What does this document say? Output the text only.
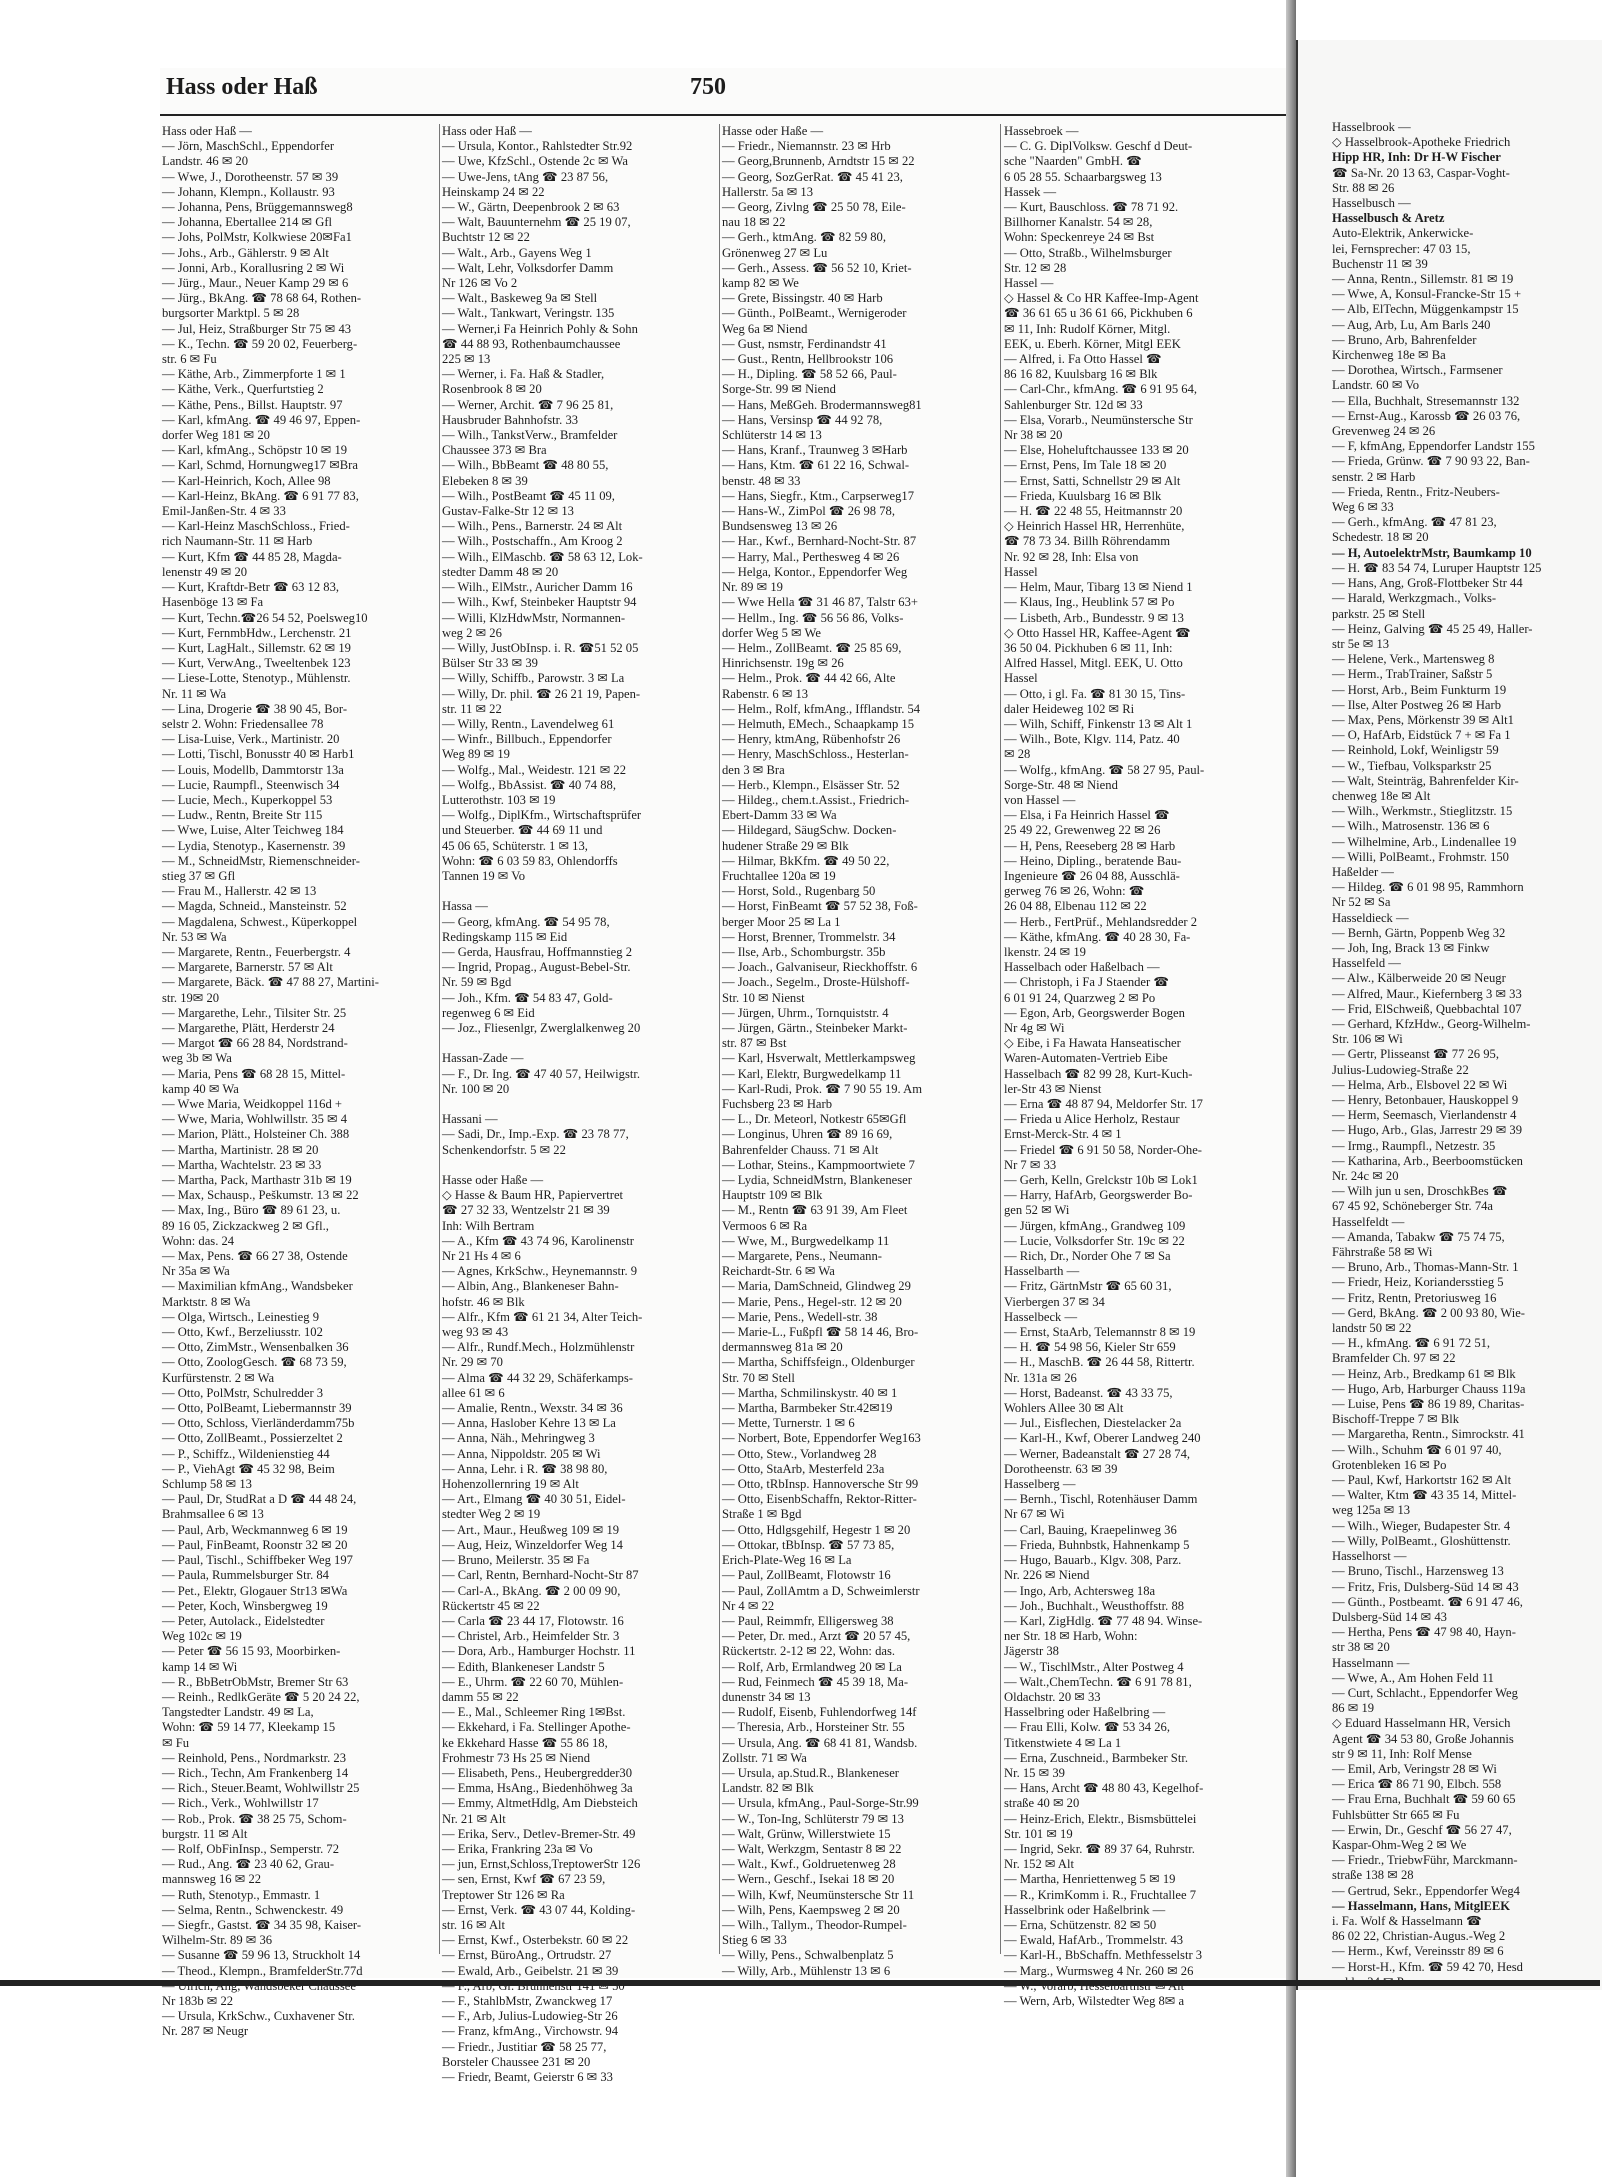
Hass oder Haß	750
Hass oder Haß —
— Jörn, MaschSchl., Eppendorfer
Landstr. 46 ✉ 20
— Wwe, J., Dorotheenstr. 57 ✉ 39
— Johann, Klempn., Kollaustr. 93
— Johanna, Pens, Brüggemannsweg8
— Johanna, Ebertallee 214 ✉ Gfl
— Johs, PolMstr, Kolkwiese 20✉Fa1
— Johs., Arb., Gählerstr. 9 ✉ Alt
— Jonni, Arb., Korallusring 2 ✉ Wi
— Jürg., Maur., Neuer Kamp 29 ✉ 6
— Jürg., BkAng. ☎ 78 68 64, Rothen-
burgsorter Marktpl. 5 ✉ 28
— Jul, Heiz, Straßburger Str 75 ✉ 43
— K., Techn. ☎ 59 20 02, Feuerberg-
str. 6 ✉ Fu
— Käthe, Arb., Zimmerpforte 1 ✉ 1
— Käthe, Verk., Querfurtstieg 2
— Käthe, Pens., Billst. Hauptstr. 97
— Karl, kfmAng. ☎ 49 46 97, Eppen-
dorfer Weg 181 ✉ 20
— Karl, kfmAng., Schöpstr 10 ✉ 19
— Karl, Schmd, Hornungweg17 ✉Bra
— Karl-Heinrich, Koch, Allee 98
— Karl-Heinz, BkAng. ☎ 6 91 77 83,
Emil-Janßen-Str. 4 ✉ 33
— Karl-Heinz MaschSchloss., Fried-
rich Naumann-Str. 11 ✉ Harb
— Kurt, Kfm ☎ 44 85 28, Magda-
lenenstr 49 ✉ 20
— Kurt, Kraftdr-Betr ☎ 63 12 83,
Hasenböge 13 ✉ Fa
— Kurt, Techn.☎26 54 52, Poelsweg10
— Kurt, FernmbHdw., Lerchenstr. 21
— Kurt, LagHalt., Sillemstr. 62 ✉ 19
— Kurt, VerwAng., Tweeltenbek 123
— Liese-Lotte, Stenotyp., Mühlenstr.
Nr. 11 ✉ Wa
— Lina, Drogerie ☎ 38 90 45, Bor-
selstr 2. Wohn: Friedensallee 78
— Lisa-Luise, Verk., Martinistr. 20
— Lotti, Tischl, Bonusstr 40 ✉ Harb1
— Louis, Modellb, Dammtorstr 13a
— Lucie, Raumpfl., Steenwisch 34
— Lucie, Mech., Kuperkoppel 53
— Ludw., Rentn, Breite Str 115
— Wwe, Luise, Alter Teichweg 184
— Lydia, Stenotyp., Kasernenstr. 39
— M., SchneidMstr, Riemenschneider-
stieg 37 ✉ Gfl
— Frau M., Hallerstr. 42 ✉ 13
— Magda, Schneid., Mansteinstr. 52
— Magdalena, Schwest., Küperkoppel
Nr. 53 ✉ Wa
— Margarete, Rentn., Feuerbergstr. 4
— Margarete, Barnerstr. 57 ✉ Alt
— Margarete, Bäck. ☎ 47 88 27, Martini-
str. 19✉ 20
— Margarethe, Lehr., Tilsiter Str. 25
— Margarethe, Plätt, Herderstr 24
— Margot ☎ 66 28 84, Nordstrand-
weg 3b ✉ Wa
— Maria, Pens ☎ 68 28 15, Mittel-
kamp 40 ✉ Wa
— Wwe Maria, Weidkoppel 116d +
— Wwe, Maria, Wohlwillstr. 35 ✉ 4
— Marion, Plätt., Holsteiner Ch. 388
— Martha, Martinistr. 28 ✉ 20
— Martha, Wachtelstr. 23 ✉ 33
— Martha, Pack, Marthastr 31b ✉ 19
— Max, Schausp., Peškumstr. 13 ✉ 22
— Max, Ing., Büro ☎ 89 61 23, u.
89 16 05, Zickzackweg 2 ✉ Gfl.,
Wohn: das. 24
— Max, Pens. ☎ 66 27 38, Ostende
Nr 35a ✉ Wa
— Maximilian kfmAng., Wandsbeker
Marktstr. 8 ✉ Wa
— Olga, Wirtsch., Leinestieg 9
— Otto, Kwf., Berzeliusstr. 102
— Otto, ZimMstr., Wensenbalken 36
— Otto, ZoologGesch. ☎ 68 73 59,
Kurfürstenstr. 2 ✉ Wa
— Otto, PolMstr, Schulredder 3
— Otto, PolBeamt, Liebermannstr 39
— Otto, Schloss, Vierländerdamm75b
— Otto, ZollBeamt., Possierzeltet 2
— P., Schiffz., Wildenienstieg 44
— P., ViehAgt ☎ 45 32 98, Beim
Schlump 58 ✉ 13
— Paul, Dr, StudRat a D ☎ 44 48 24,
Brahmsallee 6 ✉ 13
— Paul, Arb, Weckmannweg 6 ✉ 19
— Paul, FinBeamt, Roonstr 32 ✉ 20
— Paul, Tischl., Schiffbeker Weg 197
— Paula, Rummelsburger Str. 84
— Pet., Elektr, Glogauer Str13 ✉Wa
— Peter, Koch, Winsbergweg 19
— Peter, Autolack., Eidelstedter
Weg 102c ✉ 19
— Peter ☎ 56 15 93, Moorbirken-
kamp 14 ✉ Wi
— R., BbBetrObMstr, Bremer Str 63
— Reinh., RedlkGeräte ☎ 5 20 24 22,
Tangstedter Landstr. 49 ✉ La,
Wohn: ☎ 59 14 77, Kleekamp 15
✉ Fu
— Reinhold, Pens., Nordmarkstr. 23
— Rich., Techn, Am Frankenberg 14
— Rich., Steuer.Beamt, Wohlwillstr 25
— Rich., Verk., Wohlwillstr 17
— Rob., Prok. ☎ 38 25 75, Schom-
burgstr. 11 ✉ Alt
— Rolf, ObFinInsp., Semperstr. 72
— Rud., Ang. ☎ 23 40 62, Grau-
mannsweg 16 ✉ 22
— Ruth, Stenotyp., Emmastr. 1
— Selma, Rentn., Schwenckestr. 49
— Siegfr., Gastst. ☎ 34 35 98, Kaiser-
Wilhelm-Str. 89 ✉ 36
— Susanne ☎ 59 96 13, Struckholt 14
— Theod., Klempn., BramfelderStr.77d
Nr 183b ✉ 22
— Ursula, KrkSchw., Cuxhavener Str.
Nr. 287 ✉ Neugr
Hass oder Haß —
— Ursula, Kontor., Rahlstedter Str.92
— Uwe, KfzSchl., Ostende 2c ✉ Wa
— Uwe-Jens, tAng ☎ 23 87 56,
Heinskamp 24 ✉ 22
— W., Gärtn, Deepenbrook 2 ✉ 63
— Walt, Bauunternehm ☎ 25 19 07,
Buchtstr 12 ✉ 22
— Walt., Arb., Gayens Weg 1
— Walt, Lehr, Volksdorfer Damm
Nr 126 ✉ Vo 2
— Walt., Baskeweg 9a ✉ Stell
— Walt., Tankwart, Veringstr. 135
— Werner,i Fa Heinrich Pohly & Sohn
☎ 44 88 93, Rothenbaumchaussee
225 ✉ 13
— Werner, i. Fa. Haß & Stadler,
Rosenbrook 8 ✉ 20
— Werner, Archit. ☎ 7 96 25 81,
Hausbruder Bahnhofstr. 33
— Wilh., TankstVerw., Bramfelder
Chaussee 373 ✉ Bra
— Wilh., BbBeamt ☎ 48 80 55,
Elebeken 8 ✉ 39
— Wilh., PostBeamt ☎ 45 11 09,
Gustav-Falke-Str 12 ✉ 13
— Wilh., Pens., Barnerstr. 24 ✉ Alt
— Wilh., Postschaffn., Am Kroog 2
— Wilh., ElMaschb. ☎ 58 63 12, Lok-
stedter Damm 48 ✉ 20
— Wilh., ElMstr., Auricher Damm 16
— Wilh., Kwf, Steinbeker Hauptstr 94
— Willi, KlzHdwMstr, Normannen-
weg 2 ✉ 26
— Willy, JustObInsp. i. R. ☎51 52 05
Bülser Str 33 ✉ 39
— Willy, Schiffb., Parowstr. 3 ✉ La
— Willy, Dr. phil. ☎ 26 21 19, Papen-
str. 11 ✉ 22
— Willy, Rentn., Lavendelweg 61
— Winfr., Billbuch., Eppendorfer
Weg 89 ✉ 19
— Wolfg., Mal., Weidestr. 121 ✉ 22
— Wolfg., BbAssist. ☎ 40 74 88,
Lutterothstr. 103 ✉ 19
— Wolfg., DiplKfm., Wirtschaftsprüfer
und Steuerber. ☎ 44 69 11 und
45 06 65, Schüterstr. 1 ✉ 13,
Wohn: ☎ 6 03 59 83, Ohlendorffs
Tannen 19 ✉ Vo

Hassa —
— Georg, kfmAng. ☎ 54 95 78,
Redingskamp 115 ✉ Eid
— Gerda, Hausfrau, Hoffmannstieg 2
— Ingrid, Propag., August-Bebel-Str.
Nr. 59 ✉ Bgd
— Joh., Kfm. ☎ 54 83 47, Gold-
regenweg 6 ✉ Eid
— Joz., Fliesenlgr, Zwerglalkenweg 20

Hassan-Zade —
— F., Dr. Ing. ☎ 47 40 57, Heilwigstr.
Nr. 100 ✉ 20

Hassani —
— Sadi, Dr., Imp.-Exp. ☎ 23 78 77,
Schenkendorfstr. 5 ✉ 22

Hasse oder Haße —
◇ Hasse & Baum HR, Papiervertret
☎ 27 32 33, Wentzelstr 21 ✉ 39
Inh: Wilh Bertram
— A., Kfm ☎ 43 74 96, Karolinenstr
Nr 21 Hs 4 ✉ 6
— Agnes, KrkSchw., Heynemannstr. 9
— Albin, Ang., Blankeneser Bahn-
hofstr. 46 ✉ Blk
— Alfr., Kfm ☎ 61 21 34, Alter Teich-
weg 93 ✉ 43
— Alfr., Rundf.Mech., Holzmühlenstr
Nr. 29 ✉ 70
— Alma ☎ 44 32 29, Schäferkamps-
allee 61 ✉ 6
— Amalie, Rentn., Wexstr. 34 ✉ 36
— Anna, Haslober Kehre 13 ✉ La
— Anna, Näh., Mehringweg 3
— Anna, Nippoldstr. 205 ✉ Wi
— Anna, Lehr. i R. ☎ 38 98 80,
Hohenzollernring 19 ✉ Alt
— Art., Elmang ☎ 40 30 51, Eidel-
stedter Weg 2 ✉ 19
— Art., Maur., Heußweg 109 ✉ 19
— Aug, Heiz, Winzeldorfer Weg 14
— Bruno, Meilerstr. 35 ✉ Fa
— Carl, Rentn, Bernhard-Nocht-Str 87
— Carl-A., BkAng. ☎ 2 00 09 90,
Rückertstr 45 ✉ 22
— Carla ☎ 23 44 17, Flotowstr. 16
— Christel, Arb., Heimfelder Str. 3
— Dora, Arb., Hamburger Hochstr. 11
— Edith, Blankeneser Landstr 5
— E., Uhrm. ☎ 22 60 70, Mühlen-
damm 55 ✉ 22
— E., Mal., Schleemer Ring 1✉Bst.
— Ekkehard, i Fa. Stellinger Apothe-
ke Ekkehard Hasse ☎ 55 86 18,
Frohmestr 73 Hs 25 ✉ Niend
— Elisabeth, Pens., Heubergredder30
— Emma, HsAng., Biedenhöhweg 3a
— Emmy, AltmetHdlg, Am Diebsteich
Nr. 21 ✉ Alt
— Erika, Serv., Detlev-Bremer-Str. 49
— Erika, Frankring 23a ✉ Vo
— jun, Ernst,Schloss,TreptowerStr 126
— sen, Ernst, Kwf ☎ 67 23 59,
Treptower Str 126 ✉ Ra
— Ernst, Verk. ☎ 43 07 44, Kolding-
str. 16 ✉ Alt
— Ernst, Kwf., Osterbekstr. 60 ✉ 22
— Ernst, BüroAng., Ortrudstr. 27
— Ewald, Arb., Geibelstr. 21 ✉ 39
— F., StahlbMstr, Zwanckweg 17
— F., Arb, Julius-Ludowieg-Str 26
— Franz, kfmAng., Virchowstr. 94
— Friedr., Justitiar ☎ 58 25 77,
Borsteler Chaussee 231 ✉ 20
— Friedr, Beamt, Geierstr 6 ✉ 33
Hasse oder Haße —
— Friedr., Niemannstr. 23 ✉ Hrb
— Georg,Brunnenb, Arndtstr 15 ✉ 22
— Georg, SozGerRat. ☎ 45 41 23,
Hallerstr. 5a ✉ 13
— Georg, Zivlng ☎ 25 50 78, Eile-
nau 18 ✉ 22
— Gerh., ktmAng. ☎ 82 59 80,
Grönenweg 27 ✉ Lu
— Gerh., Assess. ☎ 56 52 10, Kriet-
kamp 82 ✉ We
— Grete, Bissingstr. 40 ✉ Harb
— Günth., PolBeamt., Wernigeroder
Weg 6a ✉ Niend
— Gust, nsmstr, Ferdinandstr 41
— Gust., Rentn, Hellbrookstr 106
— H., Dipling. ☎ 58 52 66, Paul-
Sorge-Str. 99 ✉ Niend
— Hans, MeßGeh. Brodermannsweg81
— Hans, Versinsp ☎ 44 92 78,
Schlüterstr 14 ✉ 13
— Hans, Kranf., Traunweg 3 ✉Harb
— Hans, Ktm. ☎ 61 22 16, Schwal-
benstr. 48 ✉ 33
— Hans, Siegfr., Ktm., Carpserweg17
— Hans-W., ZimPol ☎ 26 98 78,
Bundsensweg 13 ✉ 26
— Har., Kwf., Bernhard-Nocht-Str. 87
— Harry, Mal., Perthesweg 4 ✉ 26
— Helga, Kontor., Eppendorfer Weg
Nr. 89 ✉ 19
— Wwe Hella ☎ 31 46 87, Talstr 63+
— Hellm., Ing. ☎ 56 56 86, Volks-
dorfer Weg 5 ✉ We
— Helm., ZollBeamt. ☎ 25 85 69,
Hinrichsenstr. 19g ✉ 26
— Helm., Prok. ☎ 44 42 66, Alte
Rabenstr. 6 ✉ 13
— Helm., Rolf, kfmAng., Ifflandstr. 54
— Helmuth, EMech., Schaapkamp 15
— Henry, ktmAng, Rübenhofstr 26
— Henry, MaschSchloss., Hesterlan-
den 3 ✉ Bra
— Herb., Klempn., Elsässer Str. 52
— Hildeg., chem.t.Assist., Friedrich-
Ebert-Damm 33 ✉ Wa
— Hildegard, SäugSchw. Docken-
hudener Straße 29 ✉ Blk
— Hilmar, BkKfm. ☎ 49 50 22,
Fruchtallee 120a ✉ 19
— Horst, Sold., Rugenbarg 50
— Horst, FinBeamt ☎ 57 52 38, Foß-
berger Moor 25 ✉ La 1
— Horst, Brenner, Trommelstr. 34
— Ilse, Arb., Schomburgstr. 35b
— Joach., Galvaniseur, Rieckhoffstr. 6
— Joach., Segelm., Droste-Hülshoff-
Str. 10 ✉ Nienst
— Jürgen, Uhrm., Tornquiststr. 4
— Jürgen, Gärtn., Steinbeker Markt-
str. 87 ✉ Bst
— Karl, Hsverwalt, Mettlerkampsweg
— Karl, Elektr, Burgwedelkamp 11
— Karl-Rudi, Prok. ☎ 7 90 55 19. Am
Fuchsberg 23 ✉ Harb
— L., Dr. Meteorl, Notkestr 65✉Gfl
— Longinus, Uhren ☎ 89 16 69,
Bahrenfelder Chauss. 71 ✉ Alt
— Lothar, Steins., Kampmoortwiete 7
— Lydia, SchneidMstrn, Blankeneser
Hauptstr 109 ✉ Blk
— M., Rentn ☎ 63 91 39, Am Fleet
Vermoos 6 ✉ Ra
— Wwe, M., Burgwedelkamp 11
— Margarete, Pens., Neumann-
Reichardt-Str. 6 ✉ Wa
— Maria, DamSchneid, Glindweg 29
— Marie, Pens., Hegel-str. 12 ✉ 20
— Marie, Pens., Wedell-str. 38
— Marie-L., Fußpfl ☎ 58 14 46, Bro-
dermannsweg 81a ✉ 20
— Martha, Schiffsfeign., Oldenburger
Str. 70 ✉ Stell
— Martha, Schmilinskystr. 40 ✉ 1
— Martha, Barmbeker Str.42✉19
— Mette, Turnerstr. 1 ✉ 6
— Norbert, Bote, Eppendorfer Weg163
— Otto, Stew., Vorlandweg 28
— Otto, StaArb, Mesterfeld 23a
— Otto, tRbInsp. Hannoversche Str 99
— Otto, EisenbSchaffn, Rektor-Ritter-
Straße 1 ✉ Bgd
— Otto, Hdlgsgehilf, Hegestr 1 ✉ 20
— Ottokar, tBbInsp. ☎ 57 73 85,
Erich-Plate-Weg 16 ✉ La
— Paul, ZollBeamt, Flotowstr 16
— Paul, ZollAmtm a D, Schweimlerstr
Nr 4 ✉ 22
— Paul, Reimmfr, Elligersweg 38
— Peter, Dr. med., Arzt ☎ 20 57 45,
Rückertstr. 2-12 ✉ 22, Wohn: das.
— Rolf, Arb, Ermlandweg 20 ✉ La
— Rud, Feinmech ☎ 45 39 18, Ma-
dunenstr 34 ✉ 13
— Rudolf, Eisenb, Fuhlendorfweg 14f
— Theresia, Arb., Horsteiner Str. 55
— Ursula, Ang. ☎ 68 41 81, Wandsb.
Zollstr. 71 ✉ Wa
— Ursula, ap.Stud.R., Blankeneser
Landstr. 82 ✉ Blk
— Ursula, kfmAng., Paul-Sorge-Str.99
— W., Ton-Ing, Schlüterstr 79 ✉ 13
— Walt, Grünw, Willerstwiete 15
— Walt, Werkzgm, Sentastr 8 ✉ 22
— Walt., Kwf., Goldruetenweg 28
— Wern., Geschf., Isekai 18 ✉ 20
— Wilh, Kwf, Neumünstersche Str 11
— Wilh, Pens, Kaempsweg 2 ✉ 20
— Wilh., Tallym., Theodor-Rumpel-
Stieg 6 ✉ 33
— Willy, Pens., Schwalbenplatz 5
— Willy, Arb., Mühlenstr 13 ✉ 6
Hassebroek —
— C. G. DiplVolksw. Geschf d Deut-
sche "Naarden" GmbH. ☎
6 05 28 55. Schaarbargsweg 13
Hassek —
— Kurt, Bauschloss. ☎ 78 71 92.
Billhorner Kanalstr. 54 ✉ 28,
Wohn: Speckenreye 24 ✉ Bst
— Otto, Straßb., Wilhelmsburger
Str. 12 ✉ 28
Hassel —
◇ Hassel & Co HR Kaffee-Imp-Agent
☎ 36 61 65 u 36 61 66, Pickhuben 6
✉ 11, Inh: Rudolf Körner, Mitgl.
EEK, u. Eberh. Körner, Mitgl EEK
— Alfred, i. Fa Otto Hassel ☎
86 16 82, Kuulsbarg 16 ✉ Blk
— Carl-Chr., kfmAng. ☎ 6 91 95 64,
Sahlenburger Str. 12d ✉ 33
— Elsa, Vorarb., Neumünstersche Str
Nr 38 ✉ 20
— Else, Hoheluftchaussee 133 ✉ 20
— Ernst, Pens, Im Tale 18 ✉ 20
— Ernst, Satti, Schnellstr 29 ✉ Alt
— Frieda, Kuulsbarg 16 ✉ Blk
— H. ☎ 22 48 55, Heitmannstr 20
◇ Heinrich Hassel HR, Herrenhüte,
☎ 78 73 34. Billh Röhrendamm
Nr. 92 ✉ 28, Inh: Elsa von
Hassel
— Helm, Maur, Tibarg 13 ✉ Niend 1
— Klaus, Ing., Heublink 57 ✉ Po
— Lisbeth, Arb., Bundesstr. 9 ✉ 13
◇ Otto Hassel HR, Kaffee-Agent ☎
36 50 04. Pickhuben 6 ✉ 11, Inh:
Alfred Hassel, Mitgl. EEK, U. Otto
Hassel
— Otto, i gl. Fa. ☎ 81 30 15, Tins-
daler Heideweg 102 ✉ Ri
— Wilh, Schiff, Finkenstr 13 ✉ Alt 1
— Wilh., Bote, Klgv. 114, Patz. 40
✉ 28
— Wolfg., kfmAng. ☎ 58 27 95, Paul-
Sorge-Str. 48 ✉ Niend
von Hassel —
— Elsa, i Fa Heinrich Hassel ☎
25 49 22, Grewenweg 22 ✉ 26
— H, Pens, Reeseberg 28 ✉ Harb
— Heino, Dipling., beratende Bau-
Ingenieure ☎ 26 04 88, Ausschlä-
gerweg 76 ✉ 26, Wohn: ☎
26 04 88, Elbenau 112 ✉ 22
— Herb., FertPrüf., Mehlandsredder 2
— Käthe, kfmAng. ☎ 40 28 30, Fa-
lkenstr. 24 ✉ 19
Hasselbach oder Haßelbach —
— Christoph, i Fa J Staender ☎
6 01 91 24, Quarzweg 2 ✉ Po
— Egon, Arb, Georgswerder Bogen
Nr 4g ✉ Wi
◇ Eibe, i Fa Hawata Hanseatischer
Waren-Automaten-Vertrieb Eibe
Hasselbach ☎ 82 99 28, Kurt-Kuch-
ler-Str 43 ✉ Nienst
— Erna ☎ 48 87 94, Meldorfer Str. 17
— Frieda u Alice Herholz, Restaur
Ernst-Merck-Str. 4 ✉ 1
— Friedel ☎ 6 91 50 58, Norder-Ohe-
Nr 7 ✉ 33
— Gerh, Kelln, Grelckstr 10b ✉ Lok1
— Harry, HafArb, Georgswerder Bo-
gen 52 ✉ Wi
— Jürgen, kfmAng., Grandweg 109
— Lucie, Volksdorfer Str. 19c ✉ 22
— Rich, Dr., Norder Ohe 7 ✉ Sa
Hasselbarth —
— Fritz, GärtnMstr ☎ 65 60 31,
Vierbergen 37 ✉ 34
Hasselbeck —
— Ernst, StaArb, Telemannstr 8 ✉ 19
— H. ☎ 54 98 56, Kieler Str 659
— H., MaschB. ☎ 26 44 58, Rittertr.
Nr. 131a ✉ 26
— Horst, Badeanst. ☎ 43 33 75,
Wohlers Allee 30 ✉ Alt
— Jul., Eisflechen, Diestelacker 2a
— Karl-H., Kwf, Oberer Landweg 240
— Werner, Badeanstalt ☎ 27 28 74,
Dorotheenstr. 63 ✉ 39
Hasselberg —
— Bernh., Tischl, Rotenhäuser Damm
Nr 67 ✉ Wi
— Carl, Bauing, Kraepelinweg 36
— Frieda, Buhnbstk, Hahnenkamp 5
— Hugo, Bauarb., Klgv. 308, Parz.
Nr. 226 ✉ Niend
— Ingo, Arb, Achtersweg 18a
— Joh., Buchhalt., Weusthoffstr. 88
— Karl, ZigHdlg. ☎ 77 48 94. Winse-
ner Str. 18 ✉ Harb, Wohn:
Jägerstr 38
— W., TischlMstr., Alter Postweg 4
— Walt.,ChemTechn. ☎ 6 91 78 81,
Oldachstr. 20 ✉ 33
Hasselbring oder Haßelbring —
— Frau Elli, Kolw. ☎ 53 34 26,
Titkenstwiete 4 ✉ La 1
— Erna, Zuschneid., Barmbeker Str.
Nr. 15 ✉ 39
— Hans, Archt ☎ 48 80 43, Kegelhof-
straße 40 ✉ 20
— Heinz-Erich, Elektr., Bismsbüttelei
Str. 101 ✉ 19
— Ingrid, Sekr. ☎ 89 37 64, Ruhrstr.
Nr. 152 ✉ Alt
— Martha, Henriettenweg 5 ✉ 19
— R., KrimKomm i. R., Fruchtallee 7
Hasselbrink oder Haßelbrink —
— Erna, Schützenstr. 82 ✉ 50
— Ewald, HafArb., Trommelstr. 43
— Karl-H., BbSchaffn. Methfesselstr 3
— Marg., Wurmsweg 4 Nr. 260 ✉ 26
— Wern, Arb, Wilstedter Weg 8✉ a
Hasselbrook —
◇ Hasselbrook-Apotheke Friedrich
Hipp HR, Inh: Dr H-W Fischer
☎ Sa-Nr. 20 13 63, Caspar-Voght-
Str. 88 ✉ 26
Hasselbusch —
Hasselbusch & Aretz
Auto-Elektrik, Ankerwicke-
lei, Fernsprecher: 47 03 15,
Buchenstr 11 ✉ 39
— Anna, Rentn., Sillemstr. 81 ✉ 19
— Wwe, A, Konsul-Francke-Str 15 +
— Alb, ElTechn, Müggenkampstr 15
— Aug, Arb, Lu, Am Barls 240
— Bruno, Arb, Bahrenfelder
Kirchenweg 18e ✉ Ba
— Dorothea, Wirtsch., Farmsener
Landstr. 60 ✉ Vo
— Ella, Buchhalt, Stresemannstr 132
— Ernst-Aug., Karossb ☎ 26 03 76,
Grevenweg 24 ✉ 26
— F, kfmAng, Eppendorfer Landstr 155
— Frieda, Grünw. ☎ 7 90 93 22, Ban-
senstr. 2 ✉ Harb
— Frieda, Rentn., Fritz-Neubers-
Weg 6 ✉ 33
— Gerh., kfmAng. ☎ 47 81 23,
Schedestr. 18 ✉ 20
— H, AutoelektrMstr, Baumkamp 10
— H. ☎ 83 54 74, Luruper Hauptstr 125
— Hans, Ang, Groß-Flottbeker Str 44
— Harald, Werkzgmach., Volks-
parkstr. 25 ✉ Stell
— Heinz, Galving ☎ 45 25 49, Haller-
str 5e ✉ 13
— Helene, Verk., Martensweg 8
— Herm., TrabTrainer, Saßstr 5
— Horst, Arb., Beim Funkturm 19
— Ilse, Alter Postweg 26 ✉ Harb
— Max, Pens, Mörkenstr 39 ✉ Alt1
— O, HafArb, Eidstück 7 + ✉ Fa 1
— Reinhold, Lokf, Weinligstr 59
— W., Tiefbau, Volksparkstr 25
— Walt, Steinträg, Bahrenfelder Kir-
chenweg 18e ✉ Alt
— Wilh., Werkmstr., Stieglitzstr. 15
— Wilh., Matrosenstr. 136 ✉ 6
— Wilhelmine, Arb., Lindenallee 19
— Willi, PolBeamt., Frohmstr. 150
Haßelder —
— Hildeg. ☎ 6 01 98 95, Rammhorn
Nr 52 ✉ Sa
Hasseldieck —
— Bernh, Gärtn, Poppenb Weg 32
— Joh, Ing, Brack 13 ✉ Finkw
Hasselfeld —
— Alw., Kälberweide 20 ✉ Neugr
— Alfred, Maur., Kiefernberg 3 ✉ 33
— Frid, ElSchweiß, Quebbachtal 107
— Gerhard, KfzHdw., Georg-Wilhelm-
Str. 106 ✉ Wi
— Gertr, Plisseanst ☎ 77 26 95,
Julius-Ludowieg-Straße 22
— Helma, Arb., Elsbovel 22 ✉ Wi
— Henry, Betonbauer, Hauskoppel 9
— Herm, Seemasch, Vierlandenstr 4
— Hugo, Arb., Glas, Jarrestr 29 ✉ 39
— Irmg., Raumpfl., Netzestr. 35
— Katharina, Arb., Beerboomstücken
Nr. 24c ✉ 20
— Wilh jun u sen, DroschkBes ☎
67 45 92, Schöneberger Str. 74a
Hasselfeldt —
— Amanda, Tabakw ☎ 75 74 75,
Fährstraße 58 ✉ Wi
— Bruno, Arb., Thomas-Mann-Str. 1
— Friedr, Heiz, Koriandersstieg 5
— Fritz, Rentn, Pretoriusweg 16
— Gerd, BkAng. ☎ 2 00 93 80, Wie-
landstr 50 ✉ 22
— H., kfmAng. ☎ 6 91 72 51,
Bramfelder Ch. 97 ✉ 22
— Heinz, Arb., Bredkamp 61 ✉ Blk
— Hugo, Arb, Harburger Chauss 119a
— Luise, Pens ☎ 86 19 89, Charitas-
Bischoff-Treppe 7 ✉ Blk
— Margaretha, Rentn., Simrockstr. 41
— Wilh., Schuhm ☎ 6 01 97 40,
Grotenbleken 16 ✉ Po
— Paul, Kwf, Harkortstr 162 ✉ Alt
— Walter, Ktm ☎ 43 35 14, Mittel-
weg 125a ✉ 13
— Wilh., Wieger, Budapester Str. 4
— Willy, PolBeamt., Gloshüttenstr.
Hasselhorst —
— Bruno, Tischl., Harzensweg 13
— Fritz, Fris, Dulsberg-Süd 14 ✉ 43
— Günth., Postbeamt. ☎ 6 91 47 46,
Dulsberg-Süd 14 ✉ 43
— Hertha, Pens ☎ 47 98 40, Hayn-
str 38 ✉ 20
Hasselmann —
— Wwe, A., Am Hohen Feld 11
— Curt, Schlacht., Eppendorfer Weg
86 ✉ 19
◇ Eduard Hasselmann HR, Versich
Agent ☎ 34 53 80, Große Johannis
str 9 ✉ 11, Inh: Rolf Mense
— Emil, Arb, Veringstr 28 ✉ Wi
— Erica ☎ 86 71 90, Elbch. 558
— Frau Erna, Buchhalt ☎ 59 60 65
Fuhlsbütter Str 665 ✉ Fu
— Erwin, Dr., Geschf ☎ 56 27 47,
Kaspar-Ohm-Weg 2 ✉ We
— Friedr., TriebwFühr, Marckmann-
straße 138 ✉ 28
— Gertrud, Sekr., Eppendorfer Weg4
— Hasselmann, Hans, MitglEEK
i. Fa. Wolf & Hasselmann ☎
86 02 22, Christian-Augus.-Weg 2
— Herm., Kwf, Vereinsstr 89 ✉ 6
— Horst-H., Kfm. ☎ 59 42 70, Hesd
